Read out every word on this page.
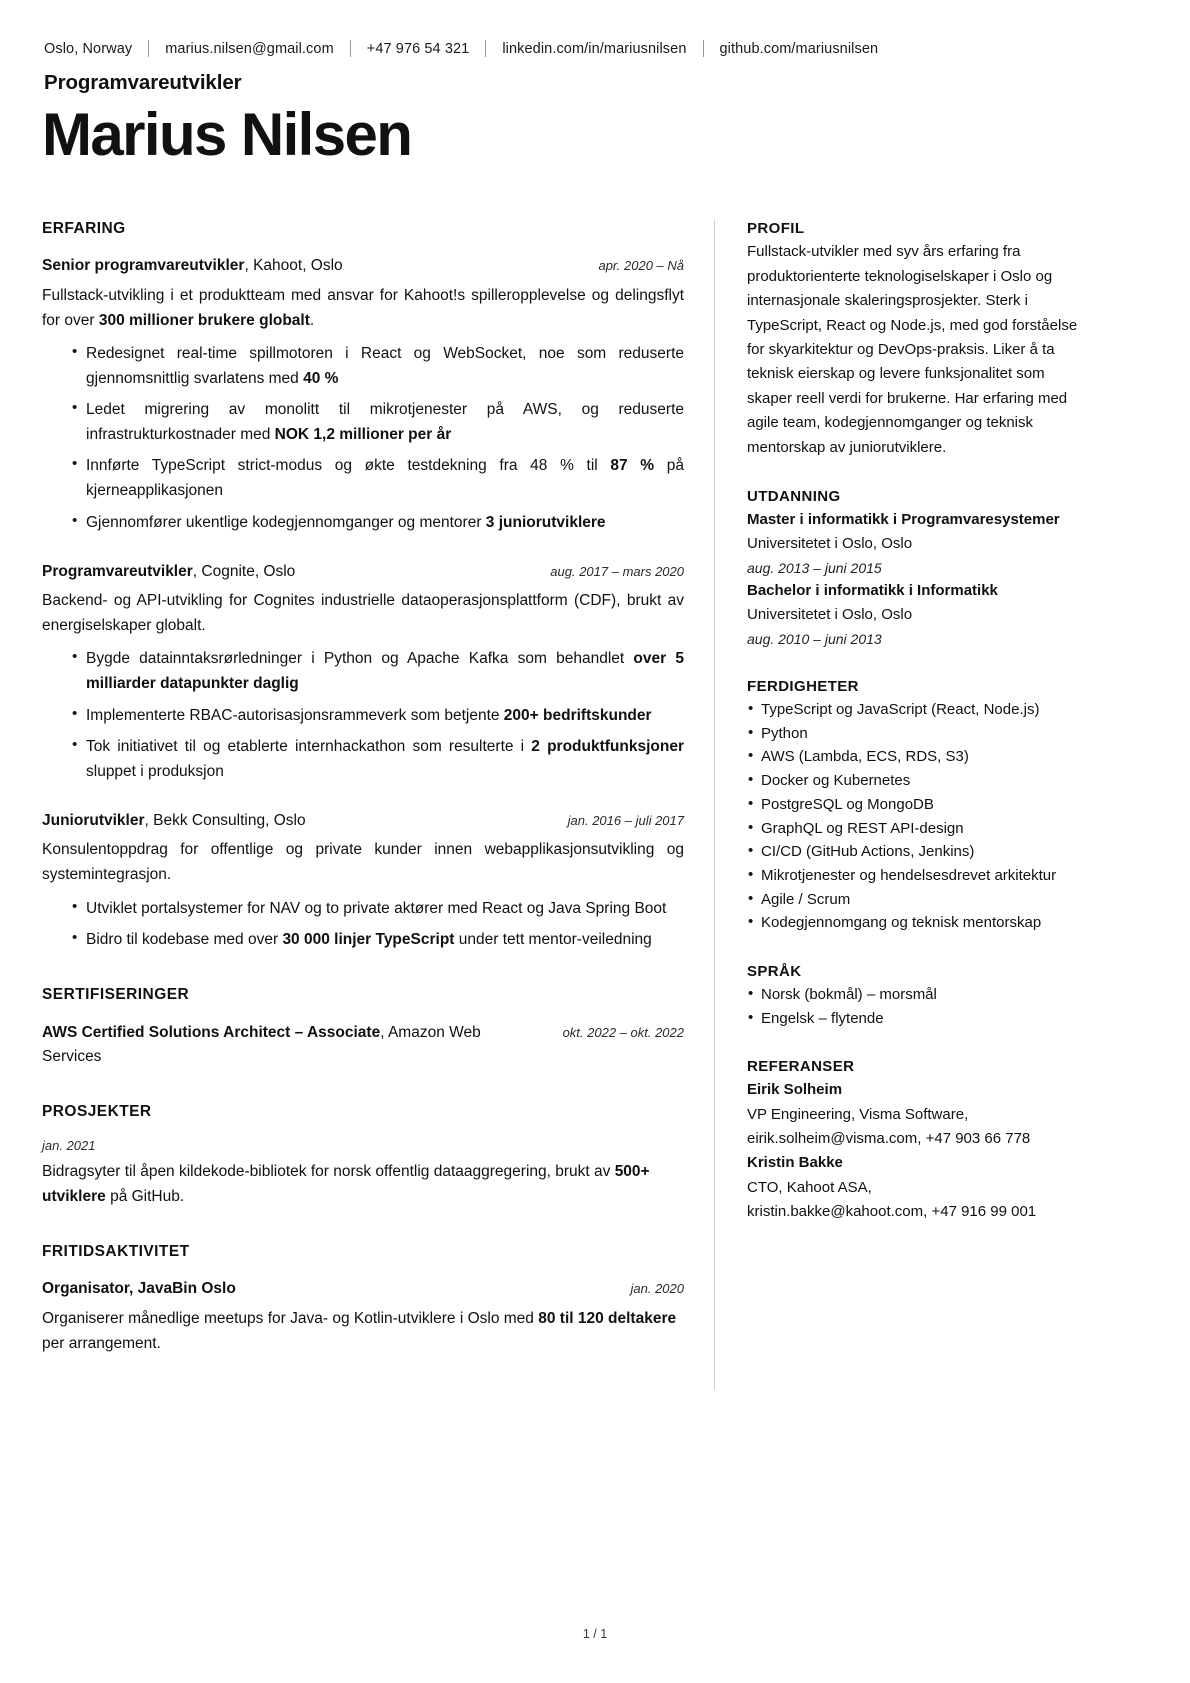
Oslo, Norway marius.nilsen@gmail.com +47 976 54 321 linkedin.com/in/mariusnilsen github.com/mariusnilsen
Programvareutvikler
Marius Nilsen
ERFARING
Senior programvareutvikler, Kahoot, Oslo	apr. 2020 – Nå

Fullstack-utvikling i et produktteam med ansvar for Kahoot!s spilleropplevelse og delingsflyt for over 300 millioner brukere globalt.

• Redesignet real-time spillmotoren i React og WebSocket, noe som reduserte gjennomsnittlig svarlatens med 40 %
• Ledet migrering av monolitt til mikrotjenester på AWS, og reduserte infrastrukturkostnader med NOK 1,2 millioner per år
• Innførte TypeScript strict-modus og økte testdekning fra 48 % til 87 % på kjerneapplikasjonen
• Gjennomfører ukentlige kodegjennomganger og mentorer 3 juniorutviklere
Programvareutvikler, Cognite, Oslo	aug. 2017 – mars 2020

Backend- og API-utvikling for Cognites industrielle dataoperasjonsplattform (CDF), brukt av energiselskaper globalt.

• Bygde datainntaksrørledninger i Python og Apache Kafka som behandlet over 5 milliarder datapunkter daglig
• Implementerte RBAC-autorisasjonsrammeverk som betjente 200+ bedriftskunder
• Tok initiativet til og etablerte internhackathon som resulterte i 2 produktfunksjoner sluppet i produksjon
Juniorutvikler, Bekk Consulting, Oslo	jan. 2016 – juli 2017

Konsulentoppdrag for offentlige og private kunder innen webapplikasjonsutvikling og systemintegrasjon.

• Utviklet portalsystemer for NAV og to private aktører med React og Java Spring Boot
• Bidro til kodebase med over 30 000 linjer TypeScript under tett mentor-veiledning
SERTIFISERINGER
AWS Certified Solutions Architect – Associate, Amazon Web Services
okt. 2022 – okt. 2022
PROSJEKTER
jan. 2021

Bidragsyter til åpen kildekode-bibliotek for norsk offentlig dataaggregering, brukt av 500+ utviklere på GitHub.

FRITIDSAKTIVITET
Organisator, JavaBin Oslo	jan. 2020

Organiserer månedlige meetups for Java- og Kotlin-utviklere i Oslo med 80 til 120 deltakere per arrangement.

PROFIL

Fullstack-utvikler med syv års erfaring fra produktorienterte teknologiselskaper i Oslo og internasjonale skaleringsprosjekter. Sterk i TypeScript, React og Node.js, med god forståelse for skyarkitektur og DevOps-praksis. Liker å ta teknisk eierskap og levere funksjonalitet som skaper reell verdi for brukerne. Har erfaring med agile team, kodegjennomganger og teknisk mentorskap av juniorutviklere.

UTDANNING
Master i informatikk i Programvaresystemer
Universitetet i Oslo, Oslo
aug. 2013 – juni 2015
Bachelor i informatikk i Informatikk
Universitetet i Oslo, Oslo
aug. 2010 – juni 2013
FERDIGHETER
• TypeScript og JavaScript (React, Node.js)
• Python
• AWS (Lambda, ECS, RDS, S3)
• Docker og Kubernetes
• PostgreSQL og MongoDB
• GraphQL og REST API-design
• CI/CD (GitHub Actions, Jenkins)
• Mikrotjenester og hendelsesdrevet arkitektur
• Agile / Scrum
• Kodegjennomgang og teknisk mentorskap
SPRÅK
• Norsk (bokmål) – morsmål
• Engelsk – flytende
REFERANSER
Eirik Solheim
VP Engineering, Visma Software,
eirik.solheim@visma.com, +47 903 66 778
Kristin Bakke
CTO, Kahoot ASA,
kristin.bakke@kahoot.com, +47 916 99 001
1 / 1
